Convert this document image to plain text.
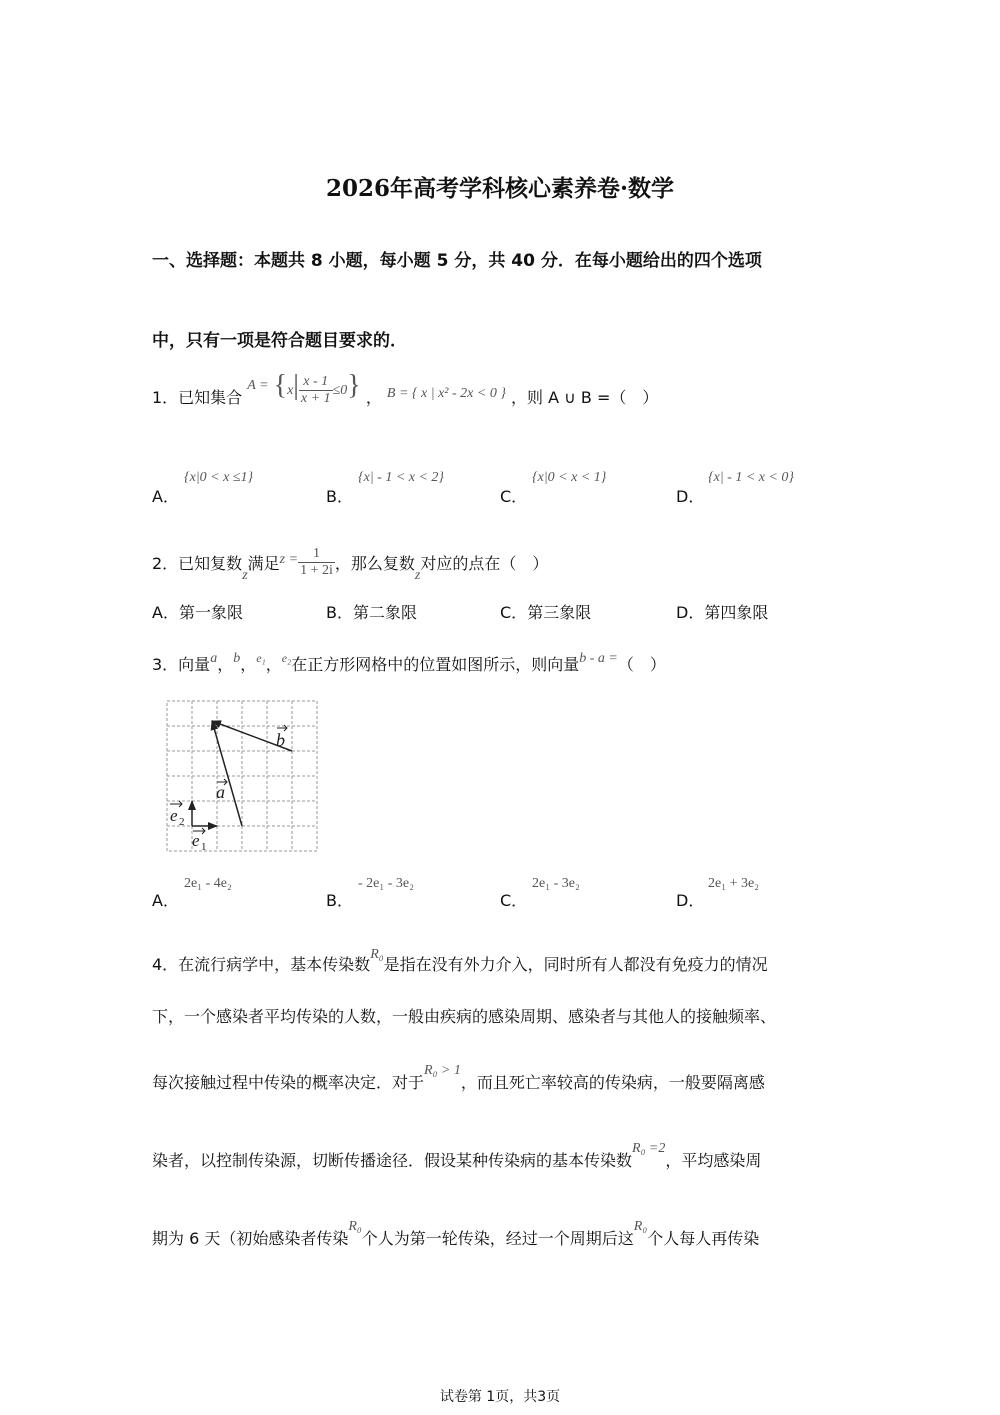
2026年高考学科核心素养卷·数学
一、选择题：本题共 8 小题，每小题 5 分，共 40 分．在每小题给出的四个选项
中，只有一项是符合题目要求的．
1．已知集合 $A = \{x| \frac{x - 1}{x + 1} \le 0\}$ ， B = { x | x² - 2x < 0 } ，则 A ∪ B =（　）
A．
{x|0 < x ≤1}
B．
{x| - 1 < x < 2}
C．
{x|0 < x < 1}
D．
{x| - 1 < x < 0}
2．已知复数z满足$z = \frac{1}{1 + 2i}$ ，那么复数z对应的点在（　）
A．第一象限	B．第二象限	C．第三象限	D．第四象限
3．向量a，b，$^{e_1}$，$^{e_2}$在正方形网格中的位置如图所示，则向量b - a =（　）
a
b
e 2
e 1
A．
2e₁ - 4e₂
B．
- 2e₁ - 3e₂
C．
2e₁ - 3e₂
D．
2e₁ + 3e₂
4．在流行病学中，基本传染数R₀是指在没有外力介入，同时所有人都没有免疫力的情况
下，一个感染者平均传染的人数，一般由疾病的感染周期、感染者与其他人的接触频率、
每次接触过程中传染的概率决定．对于R₀ > 1，而且死亡率较高的传染病，一般要隔离感
染者，以控制传染源，切断传播途径．假设某种传染病的基本传染数R₀ =2，平均感染周
期为 6 天（初始感染者传染R₀个人为第一轮传染，经过一个周期后这R₀个人每人再传染
试卷第 1页，共3页
